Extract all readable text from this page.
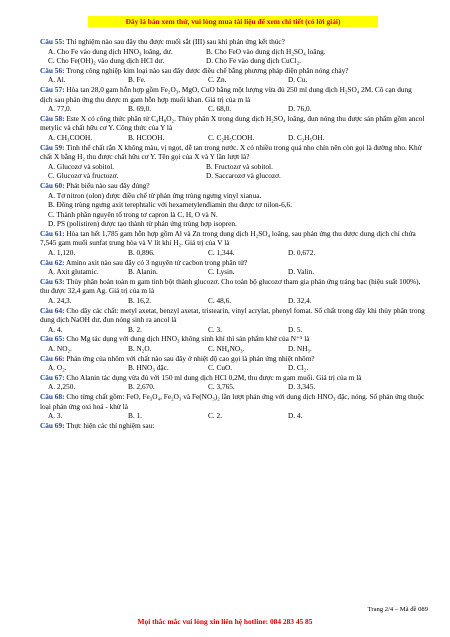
Đây là bản xem thử, vui lòng mua tài liệu để xem chi tiết (có lời giải)

Câu 55: Thí nghiệm nào sau đây thu được muối sắt (III) sau khi phản ứng kết thúc?

A. Cho Fe vào dung dịch HNO₃ loãng, dư.	B. Cho FeO vào dung dịch H₂SO₄ loãng.
C. Cho Fe(OH)₂ vào dung dịch HCl dư.	D. Cho Fe vào dung dịch CuCl₂.

Câu 56: Trong công nghiệp kim loại nào sau đây được điều chế bằng phương pháp điện phân nóng chảy?

A. Al.	B. Fe.	C. Zn.	D. Cu.

Câu 57: Hòa tan 28,0 gam hỗn hợp gồm Fe₂O₃, MgO, CuO bằng một lượng vừa đủ 250 ml dung dịch H₂SO₄ 2M. Cô cạn dung dịch sau phản ứng thu được m gam hỗn hợp muối khan. Giá trị của m là

A. 77,0.	B. 69,0.	C. 68,0.	D. 76,0.

Câu 58: Este X có công thức phân tử C₄H₈O₂. Thủy phân X trong dung dịch H₂SO₄ loãng, đun nóng thu được sản phẩm gồm ancol metylic và chất hữu cơ Y. Công thức của Y là

A. CH₃COOH.	B. HCOOH.	C. C₂H₅COOH.	D. C₂H₅OH.

Câu 59: Tinh thể chất rắn X không màu, vị ngọt, dễ tan trong nước. X có nhiều trong quả nho chín nên còn gọi là đường nho. Khử chất X bằng H₂ thu được chất hữu cơ Y. Tên gọi của X và Y lần lượt là?

A. Glucozơ và sobitol.	B. Fructozơ và sobitol.
C. Glucozơ và fructozơ.	D. Saccarozơ và glucozơ.

Câu 60: Phát biểu nào sau đây đúng?

A. Tơ nitron (olon) được điều chế từ phản ứng trùng ngưng vinyl xianua.
B. Đồng trùng ngưng axit terephtalic với hexametylenđiamin thu được tơ nilon-6,6.
C. Thành phần nguyên tố trong tơ capron là C, H, O và N.
D. PS (polistiren) được tạo thành từ phản ứng trùng hợp isopren.

Câu 61: Hòa tan hết 1,785 gam hỗn hợp gồm Al và Zn trong dung dịch H₂SO₄ loãng, sau phản ứng thu được dung dịch chỉ chứa 7,545 gam muối sunfat trung hòa và V lít khí H₂. Giá trị của V là

A. 1,120.	B. 0,896.	C. 1,344.	D. 0,672.

Câu 62: Amino axit nào sau đây có 3 nguyên tử cacbon trong phân tử?

A. Axit glutamic.	B. Alanin.	C. Lysin.	D. Valin.

Câu 63: Thủy phân hoàn toàn m gam tinh bột thành glucozơ. Cho toàn bộ glucozơ tham gia phản ứng tráng bạc (hiệu suất 100%), thu được 32,4 gam Ag. Giá trị của m là

A. 24,3.	B. 16,2.	C. 48,6.	D. 32,4.

Câu 64: Cho dãy các chất: metyl axetat, benzyl axetat, tristearin, vinyl acrylat, phenyl fomat. Số chất trong dãy khi thủy phân trong dung dịch NaOH dư, đun nóng sinh ra ancol là

A. 4.	B. 2.	C. 3.	D. 5.

Câu 65: Cho Mg tác dụng với dung dịch HNO₃ không sinh khí thì sản phẩm khử của N⁺⁵ là

A. NO₂.	B. N₂O.	C. NH₄NO₃.	D. NH₃.

Câu 66: Phản ứng của nhôm với chất nào sau đây ở nhiệt độ cao gọi là phản ứng nhiệt nhôm?

A. O₂.	B. HNO₃ đặc.	C. CuO.	D. Cl₂.

Câu 67: Cho Alanin tác dụng vừa đủ với 150 ml dung dịch HCl 0,2M, thu được m gam muối. Giá trị của m là

A. 2,250.	B. 2,670.	C. 3,765.	D. 3,345.

Câu 68: Cho từng chất gồm: FeO, Fe₃O₄, Fe₂O₃ và Fe(NO₃)₂ lần lượt phản ứng với dung dịch HNO₃ đặc, nóng. Số phản ứng thuộc loại phản ứng oxi hoá - khử là

A. 3.	B. 1.	C. 2.	D. 4.

Câu 69: Thực hiện các thí nghiệm sau:

Trang 2/4 – Mã đề 089
Mọi thắc mắc vui lòng xin liên hệ hotline: 084 283 45 85
